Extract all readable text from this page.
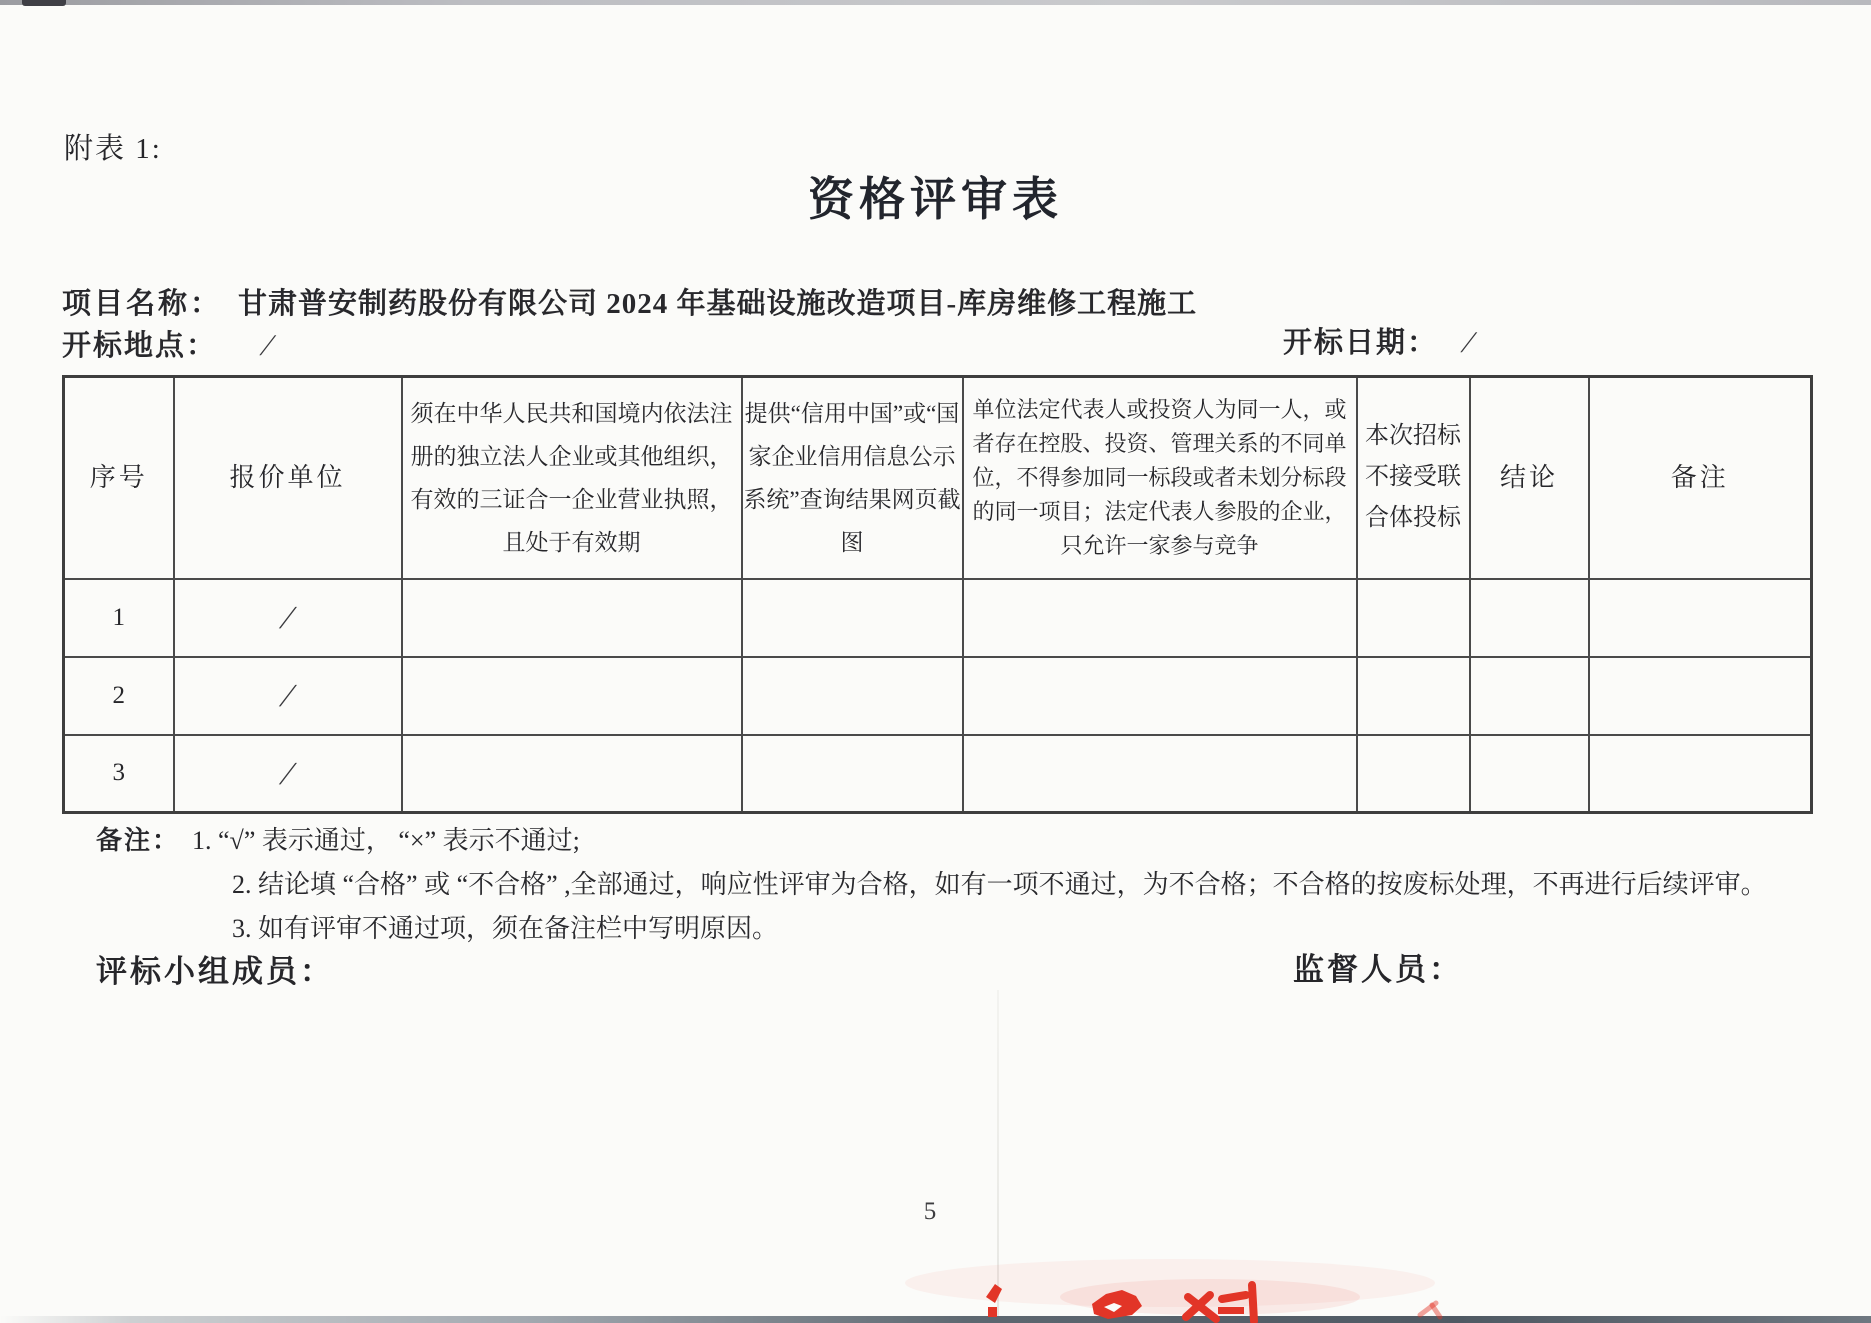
附表 1:
资格评审表
项目名称： 甘肃普安制药股份有限公司 2024 年基础设施改造项目-库房维修工程施工
开标地点： /	开标日期： /
序号	报价单位	须在中华人民共和国境内依法注册的独立法人企业或其他组织，有效的三证合一企业营业执照，且处于有效期	提供“信用中国”或“国家企业信用信息公示系统”查询结果网页截图	单位法定代表人或投资人为同一人，或者存在控股、投资、管理关系的不同单位，不得参加同一标段或者未划分标段的同一项目；法定代表人参股的企业，只允许一家参与竞争	本次招标不接受联合体投标	结论	备注
1	/						
2	/						
3	/						
备注： 1. “√” 表示通过， “×” 表示不通过;
2. 结论填 “合格” 或 “不合格” ,全部通过，响应性评审为合格，如有一项不通过，为不合格；不合格的按废标处理，不再进行后续评审。
3. 如有评审不通过项，须在备注栏中写明原因。
评标小组成员：	监督人员：
5
